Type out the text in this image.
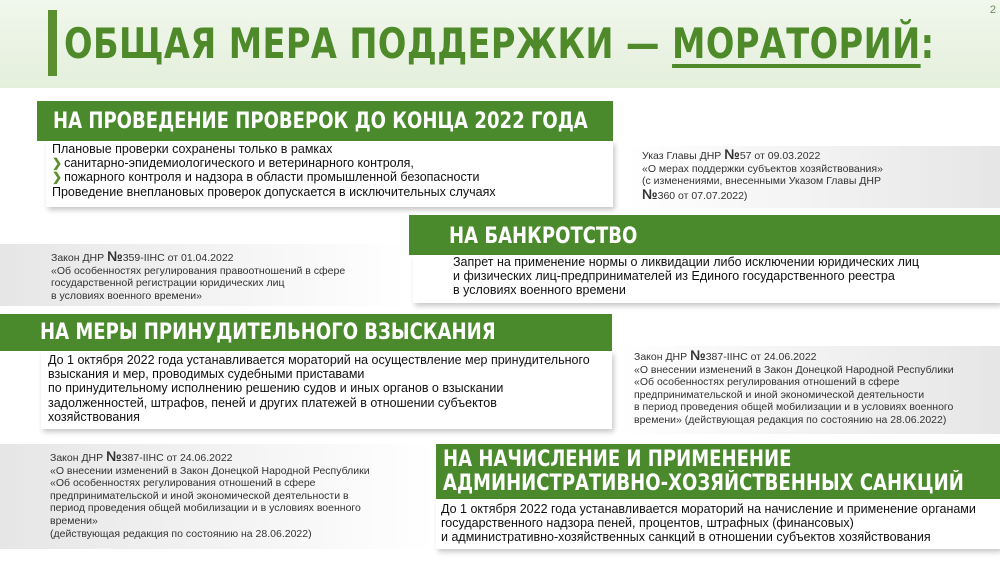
ОБЩАЯ МЕРА ПОДДЕРЖКИ — МОРАТОРИЙ:
2
НА ПРОВЕДЕНИЕ ПРОВЕРОК ДО КОНЦА 2022 ГОДА
Плановые проверки сохранены только в рамках
❯ санитарно-эпидемиологического и ветеринарного контроля,
❯ пожарного контроля и надзора в области промышленной безопасности
Проведение внеплановых проверок допускается в исключительных случаях
Указ Главы ДНР №57 от 09.03.2022
«О мерах поддержки субъектов хозяйствования»
(с изменениями, внесенными Указом Главы ДНР
№360 от 07.07.2022)
Закон ДНР №359-IIНС от 01.04.2022
«Об особенностях регулирования правоотношений в сфере
государственной регистрации юридических лиц
в условиях военного времени»
НА БАНКРОТСТВО
Запрет на применение нормы о ликвидации либо исключении юридических лиц
и физических лиц-предпринимателей из Единого государственного реестра
в условиях военного времени
НА МЕРЫ ПРИНУДИТЕЛЬНОГО ВЗЫСКАНИЯ
До 1 октября 2022 года устанавливается мораторий на осуществление мер принудительного
взыскания и мер, проводимых судебными приставами
по принудительному исполнению решению судов и иных органов о взыскании
задолженностей, штрафов, пеней и других платежей в отношении субъектов
хозяйствования
Закон ДНР №387-IIНС от 24.06.2022
«О внесении изменений в Закон Донецкой Народной Республики
«Об особенностях регулирования отношений в сфере
предпринимательской и иной экономической деятельности
в период проведения общей мобилизации и в условиях военного
времени» (действующая редакция по состоянию на 28.06.2022)
Закон ДНР №387-IIНС от 24.06.2022
«О внесении изменений в Закон Донецкой Народной Республики
«Об особенностях регулирования отношений в сфере
предпринимательской и иной экономической деятельности в
период проведения общей мобилизации и в условиях военного
времени»
(действующая редакция по состоянию на 28.06.2022)
НА НАЧИСЛЕНИЕ И ПРИМЕНЕНИЕ
АДМИНИСТРАТИВНО-ХОЗЯЙСТВЕННЫХ САНКЦИЙ
До 1 октября 2022 года устанавливается мораторий на начисление и применение органами
государственного надзора пеней, процентов, штрафных (финансовых)
и административно-хозяйственных санкций в отношении субъектов хозяйствования
